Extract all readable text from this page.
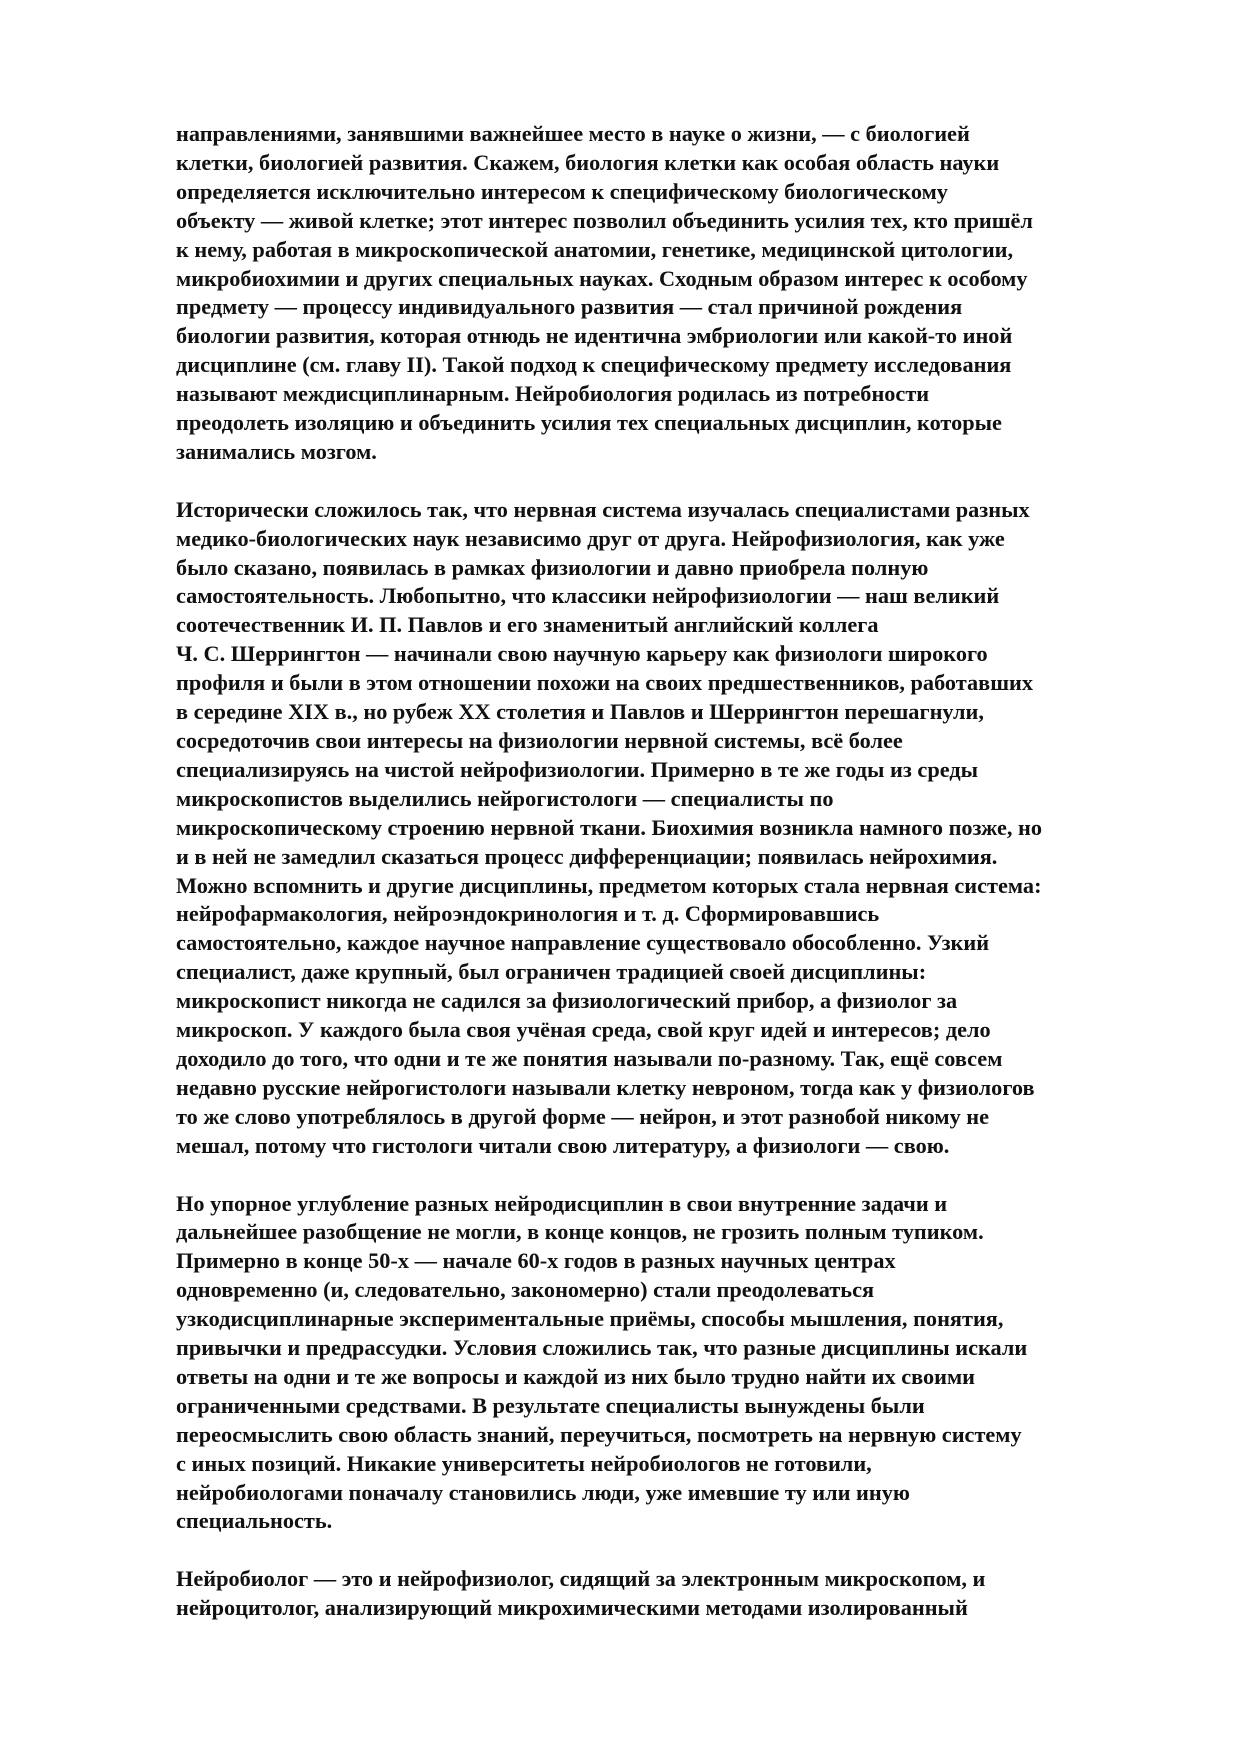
направлениями, занявшими важнейшее место в науке о жизни, — с биологией
клетки, биологией развития. Скажем, биология клетки как особая область науки
определяется исключительно интересом к специфическому биологическому
объекту — живой клетке; этот интерес позволил объединить усилия тех, кто пришёл
к нему, работая в микроскопической анатомии, генетике, медицинской цитологии,
микробиохимии и других специальных науках. Сходным образом интерес к особому
предмету — процессу индивидуального развития — стал причиной рождения
биологии развития, которая отнюдь не идентична эмбриологии или какой-то иной
дисциплине (см. главу II). Такой подход к специфическому предмету исследования
называют междисциплинарным. Нейробиология родилась из потребности
преодолеть изоляцию и объединить усилия тех специальных дисциплин, которые
занимались мозгом.
Исторически сложилось так, что нервная система изучалась специалистами разных
медико-биологических наук независимо друг от друга. Нейрофизиология, как уже
было сказано, появилась в рамках физиологии и давно приобрела полную
самостоятельность. Любопытно, что классики нейрофизиологии — наш великий
соотечественник И. П. Павлов и его знаменитый английский коллега
Ч. С. Шеррингтон — начинали свою научную карьеру как физиологи широкого
профиля и были в этом отношении похожи на своих предшественников, работавших
в середине XIX в., но рубеж XX столетия и Павлов и Шеррингтон перешагнули,
сосредоточив свои интересы на физиологии нервной системы, всё более
специализируясь на чистой нейрофизиологии. Примерно в те же годы из среды
микроскопистов выделились нейрогистологи — специалисты по
микроскопическому строению нервной ткани. Биохимия возникла намного позже, но
и в ней не замедлил сказаться процесс дифференциации; появилась нейрохимия.
Можно вспомнить и другие дисциплины, предметом которых стала нервная система:
нейрофармакология, нейроэндокринология и т. д. Сформировавшись
самостоятельно, каждое научное направление существовало обособленно. Узкий
специалист, даже крупный, был ограничен традицией своей дисциплины:
микроскопист никогда не садился за физиологический прибор, а физиолог за
микроскоп. У каждого была своя учёная среда, свой круг идей и интересов; дело
доходило до того, что одни и те же понятия называли по-разному. Так, ещё совсем
недавно русские нейрогистологи называли клетку невроном, тогда как у физиологов
то же слово употреблялось в другой форме — нейрон, и этот разнобой никому не
мешал, потому что гистологи читали свою литературу, а физиологи — свою.
Но упорное углубление разных нейродисциплин в свои внутренние задачи и
дальнейшее разобщение не могли, в конце концов, не грозить полным тупиком.
Примерно в конце 50-х — начале 60-х годов в разных научных центрах
одновременно (и, следовательно, закономерно) стали преодолеваться
узкодисциплинарные экспериментальные приёмы, способы мышления, понятия,
привычки и предрассудки. Условия сложились так, что разные дисциплины искали
ответы на одни и те же вопросы и каждой из них было трудно найти их своими
ограниченными средствами. В результате специалисты вынуждены были
переосмыслить свою область знаний, переучиться, посмотреть на нервную систему
с иных позиций. Никакие университеты нейробиологов не готовили,
нейробиологами поначалу становились люди, уже имевшие ту или иную
специальность.
Нейробиолог — это и нейрофизиолог, сидящий за электронным микроскопом, и
нейроцитолог, анализирующий микрохимическими методами изолированный
